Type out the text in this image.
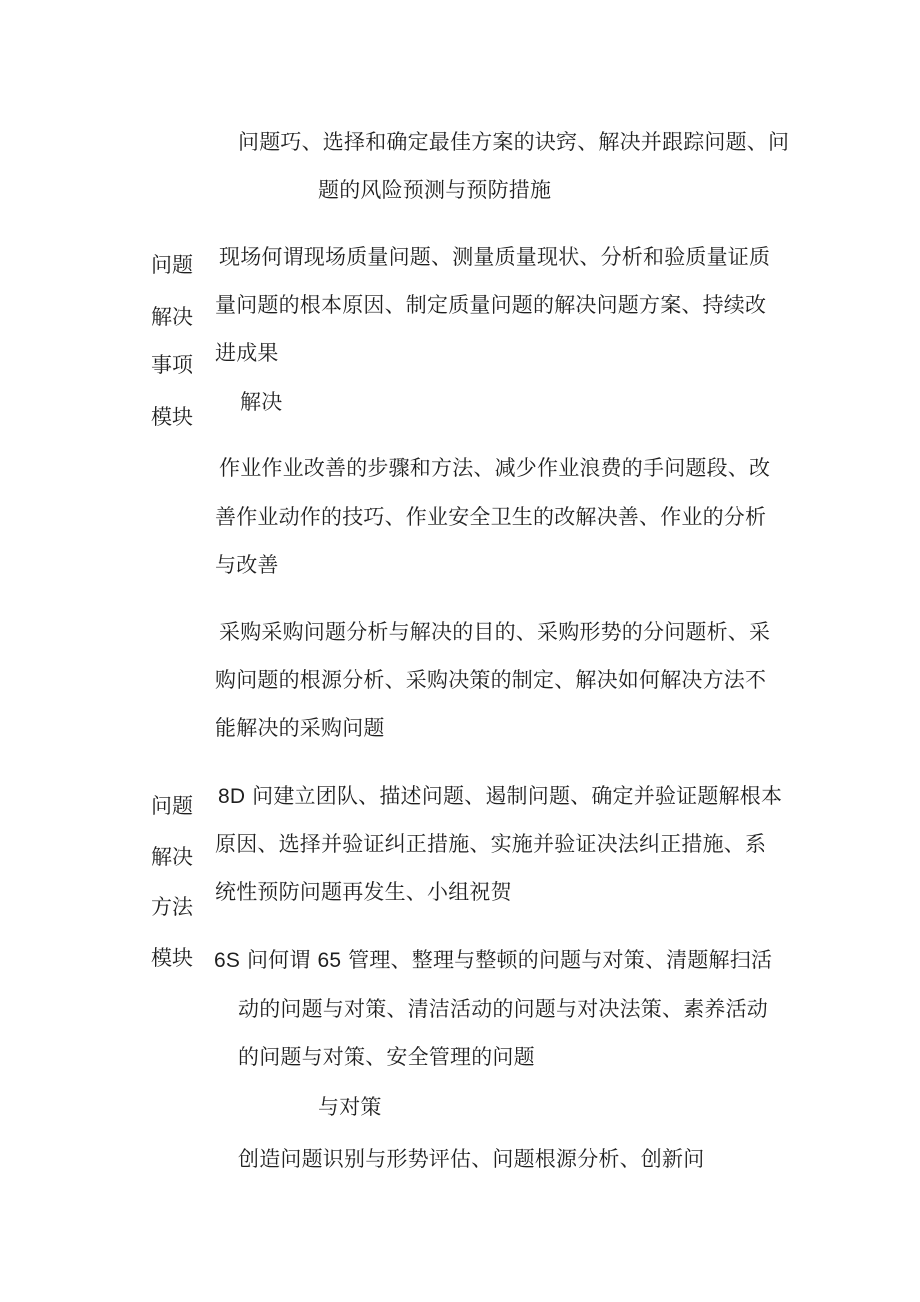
问题巧、选择和确定最佳方案的诀窍、解决并跟踪问题、问
题的风险预测与预防措施
问题
解决
事项
模块
现场何谓现场质量问题、测量质量现状、分析和验质量证质
量问题的根本原因、制定质量问题的解决问题方案、持续改
进成果
解决
作业作业改善的步骤和方法、减少作业浪费的手问题段、改
善作业动作的技巧、作业安全卫生的改解决善、作业的分析
与改善
采购采购问题分析与解决的目的、采购形势的分问题析、采
购问题的根源分析、采购决策的制定、解决如何解决方法不
能解决的采购问题
问题
解决
方法
模块
8D 问建立团队、描述问题、遏制问题、确定并验证题解根本
原因、选择并验证纠正措施、实施并验证决法纠正措施、系
统性预防问题再发生、小组祝贺
6S 问何谓 65 管理、整理与整顿的问题与对策、清题解扫活
动的问题与对策、清洁活动的问题与对决法策、素养活动
的问题与对策、安全管理的问题
与对策
创造问题识别与形势评估、问题根源分析、创新问
